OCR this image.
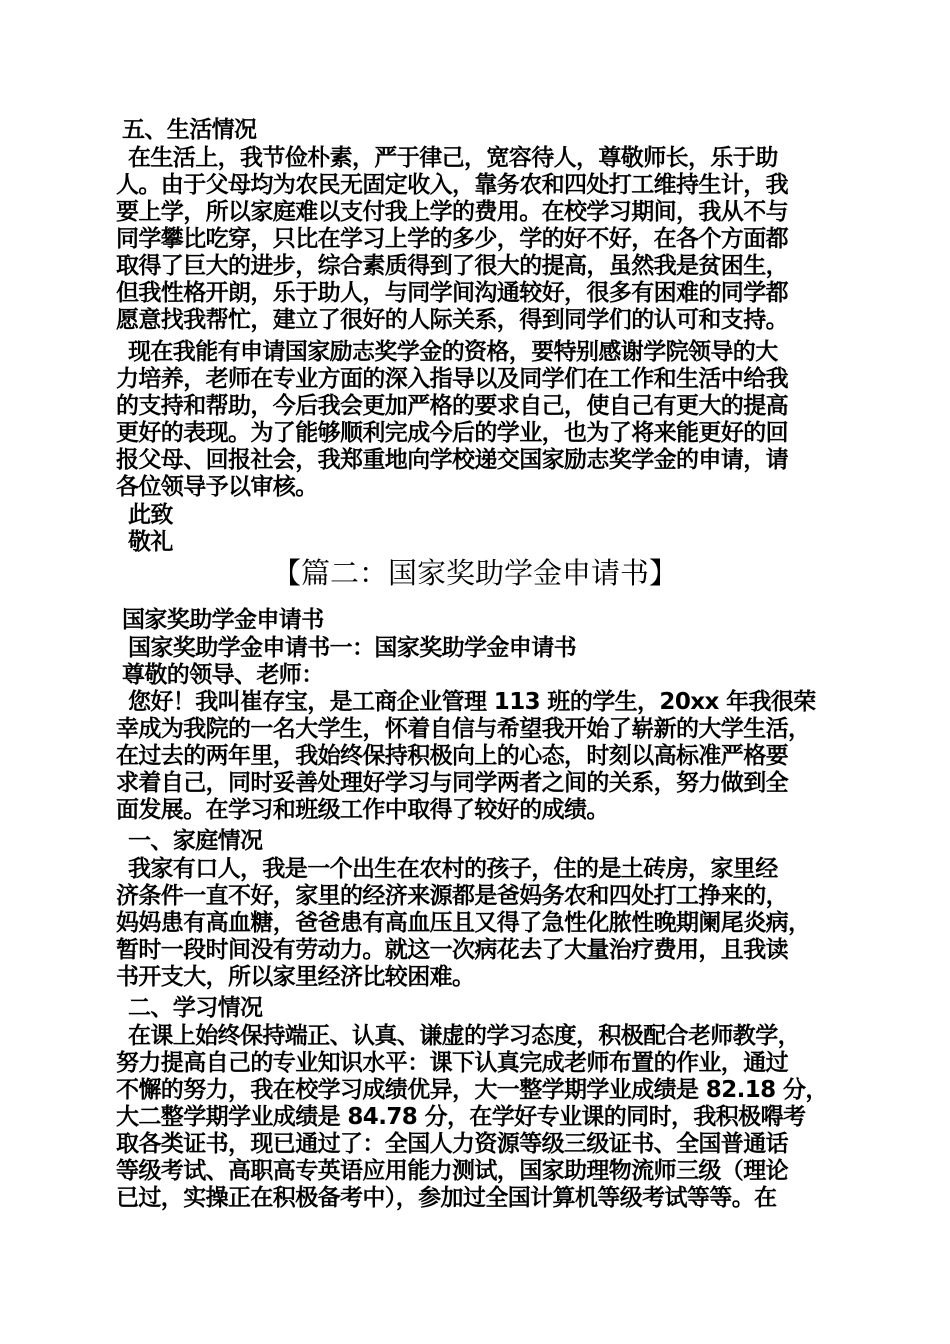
五、生活情况
在生活上，我节俭朴素，严于律己，宽容待人，尊敬师长，乐于助
人。由于父母均为农民无固定收入，靠务农和四处打工维持生计，我
要上学，所以家庭难以支付我上学的费用。在校学习期间，我从不与
同学攀比吃穿，只比在学习上学的多少，学的好不好，在各个方面都
取得了巨大的进步，综合素质得到了很大的提高，虽然我是贫困生，
但我性格开朗，乐于助人，与同学间沟通较好，很多有困难的同学都
愿意找我帮忙，建立了很好的人际关系，得到同学们的认可和支持。
现在我能有申请国家励志奖学金的资格，要特别感谢学院领导的大
力培养，老师在专业方面的深入指导以及同学们在工作和生活中给我
的支持和帮助，今后我会更加严格的要求自己，使自己有更大的提高
更好的表现。为了能够顺利完成今后的学业，也为了将来能更好的回
报父母、回报社会，我郑重地向学校递交国家励志奖学金的申请，请
各位领导予以审核。
此致
敬礼
【篇二：国家奖助学金申请书】
国家奖助学金申请书
国家奖助学金申请书一：国家奖助学金申请书
尊敬的领导、老师：
您好！我叫崔存宝，是工商企业管理 113 班的学生，20xx 年我很荣
幸成为我院的一名大学生，怀着自信与希望我开始了崭新的大学生活，
在过去的两年里，我始终保持积极向上的心态，时刻以高标准严格要
求着自己，同时妥善处理好学习与同学两者之间的关系，努力做到全
面发展。在学习和班级工作中取得了较好的成绩。
一、家庭情况
我家有口人，我是一个出生在农村的孩子，住的是土砖房，家里经
济条件一直不好，家里的经济来源都是爸妈务农和四处打工挣来的，
妈妈患有高血糖，爸爸患有高血压且又得了急性化脓性晚期阑尾炎病，
暂时一段时间没有劳动力。就这一次病花去了大量治疗费用，且我读
书开支大，所以家里经济比较困难。
二、学习情况
在课上始终保持端正、认真、谦虚的学习态度，积极配合老师教学，
努力提高自己的专业知识水平：课下认真完成老师布置的作业，通过
不懈的努力，我在校学习成绩优异，大一整学期学业成绩是 82.18 分，
大二整学期学业成绩是 84.78 分，在学好专业课的同时，我积极嘚考
取各类证书，现已通过了：全国人力资源等级三级证书、全国普通话
等级考试、高职高专英语应用能力测试，国家助理物流师三级（理论
已过，实操正在积极备考中），参加过全国计算机等级考试等等。在
